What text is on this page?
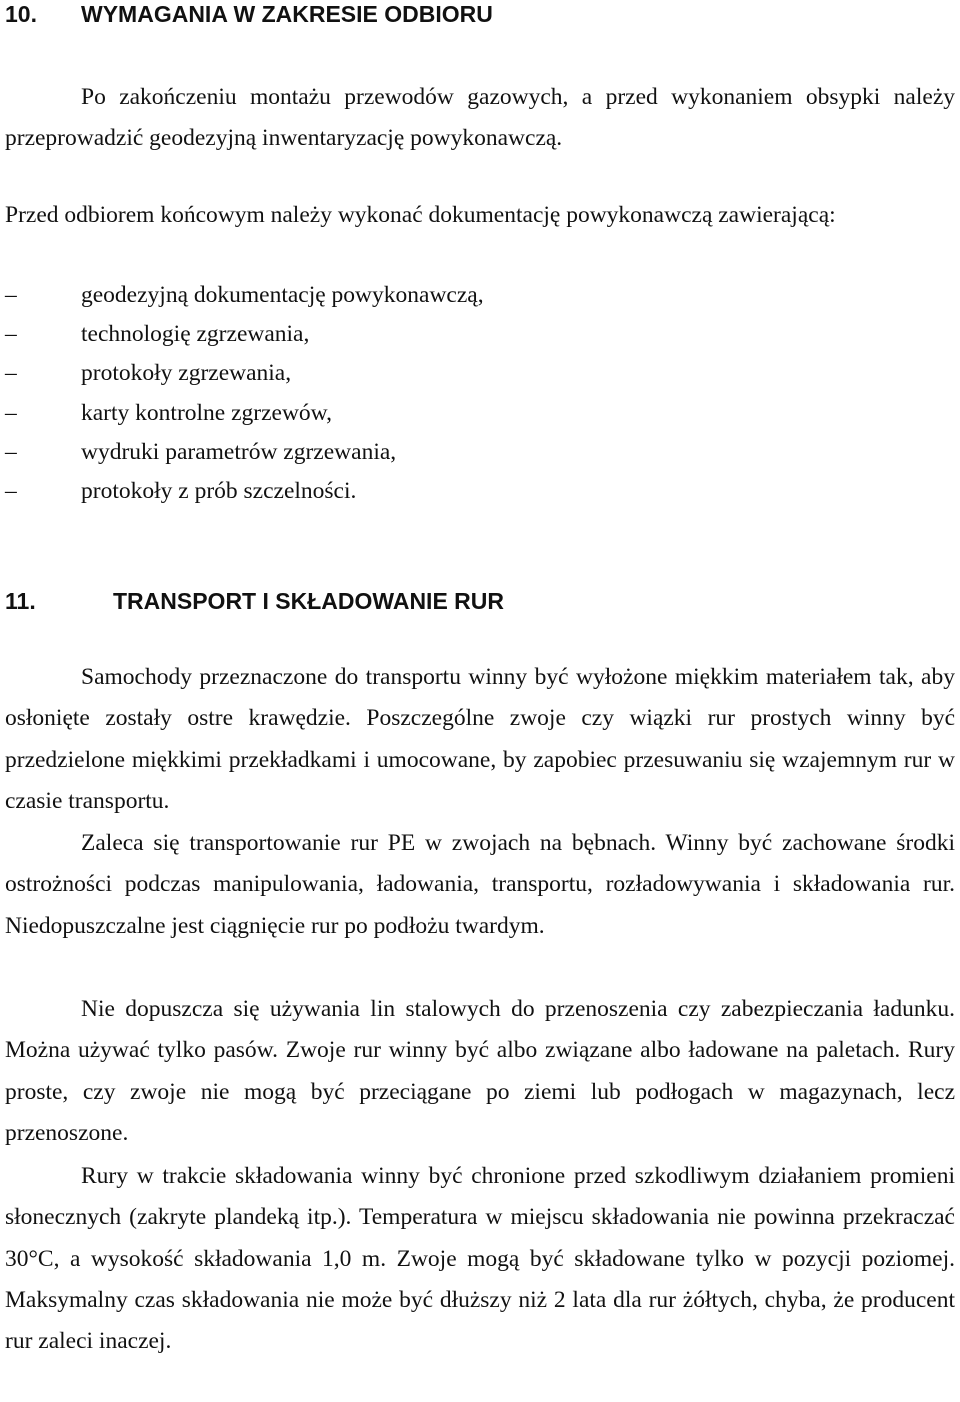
10. WYMAGANIA W ZAKRESIE ODBIORU

Po zakończeniu montażu przewodów gazowych, a przed wykonaniem obsypki należy przeprowadzić geodezyjną inwentaryzację powykonawczą.

Przed odbiorem końcowym należy wykonać dokumentację powykonawczą zawierającą:

–	geodezyjną dokumentację powykonawczą,
–	technologię zgrzewania,
–	protokoły zgrzewania,
–	karty kontrolne zgrzewów,
–	wydruki parametrów zgrzewania,
–	protokoły z prób szczelności.
11.	TRANSPORT I SKŁADOWANIE RUR

Samochody przeznaczone do transportu winny być wyłożone miękkim materiałem tak, aby osłonięte zostały ostre krawędzie. Poszczególne zwoje czy wiązki rur prostych winny być przedzielone miękkimi przekładkami i umocowane, by zapobiec przesuwaniu się wzajemnym rur w czasie transportu.

Zaleca się transportowanie rur PE w zwojach na bębnach. Winny być zachowane środki ostrożności podczas manipulowania, ładowania, transportu, rozładowywania i składowania rur. Niedopuszczalne jest ciągnięcie rur po podłożu twardym.

Nie dopuszcza się używania lin stalowych do przenoszenia czy zabezpieczania ładunku. Można używać tylko pasów. Zwoje rur winny być albo związane albo ładowane na paletach. Rury proste, czy zwoje nie mogą być przeciągane po ziemi lub podłogach w magazynach, lecz przenoszone.

Rury w trakcie składowania winny być chronione przed szkodliwym działaniem promieni słonecznych (zakryte plandeką itp.). Temperatura w miejscu składowania nie powinna przekraczać 30°C, a wysokość składowania 1,0 m. Zwoje mogą być składowane tylko w pozycji poziomej. Maksymalny czas składowania nie może być dłuższy niż 2 lata dla rur żółtych, chyba, że producent rur zaleci inaczej.
